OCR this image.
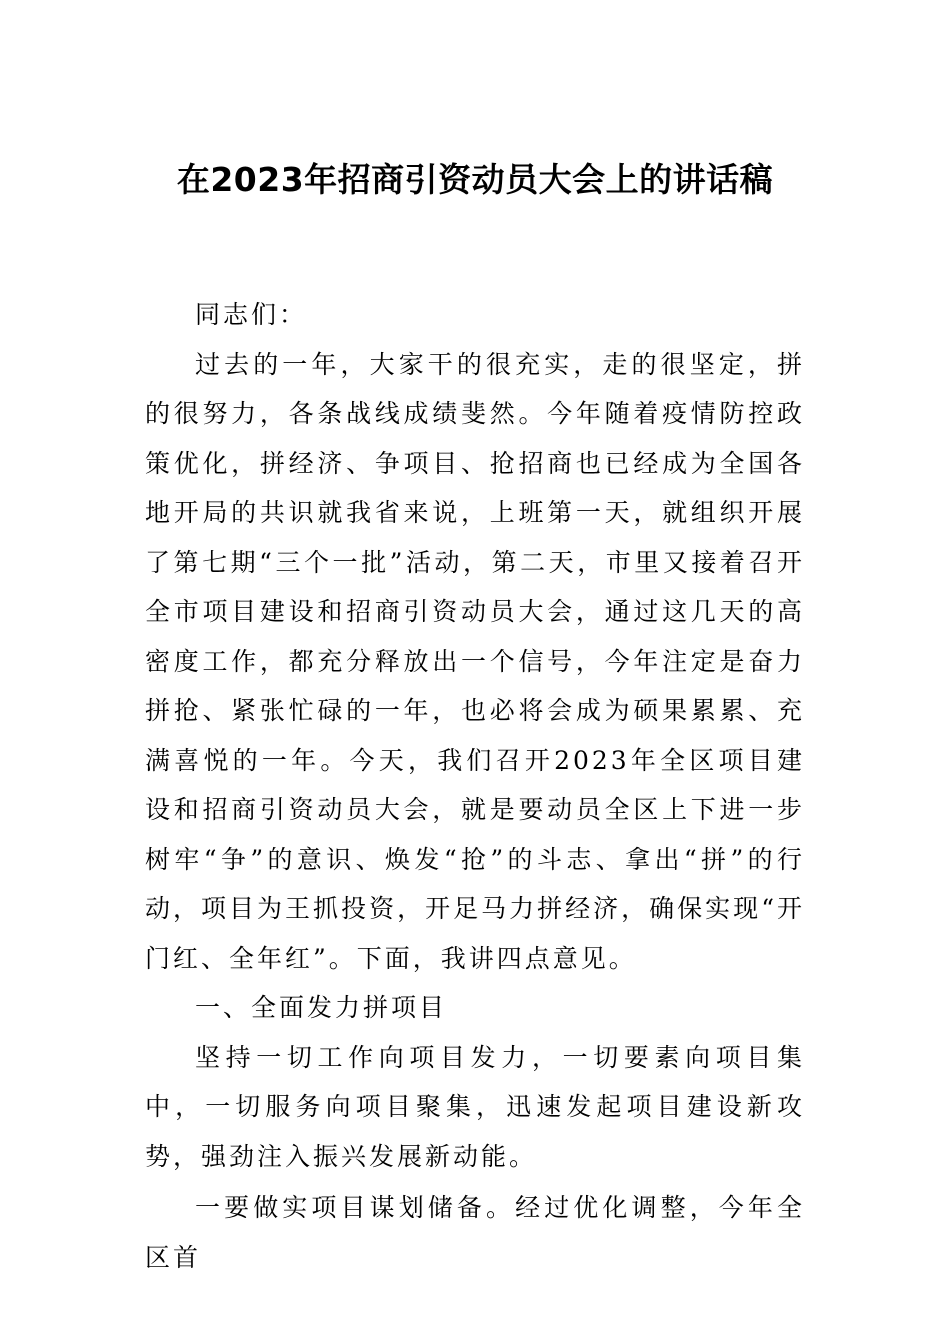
在2023年招商引资动员大会上的讲话稿

同志们：

过去的一年，大家干的很充实，走的很坚定，拼的很努力，各条战线成绩斐然。今年随着疫情防控政策优化，拼经济、争项目、抢招商也已经成为全国各地开局的共识就我省来说，上班第一天，就组织开展了第七期“三个一批”活动，第二天，市里又接着召开全市项目建设和招商引资动员大会，通过这几天的高密度工作，都充分释放出一个信号，今年注定是奋力拼抢、紧张忙碌的一年，也必将会成为硕果累累、充满喜悦的一年。今天，我们召开2023年全区项目建设和招商引资动员大会，就是要动员全区上下进一步树牢“争”的意识、焕发“抢”的斗志、拿出“拼”的行动，项目为王抓投资，开足马力拼经济，确保实现“开门红、全年红”。下面，我讲四点意见。

一、全面发力拼项目

坚持一切工作向项目发力，一切要素向项目集中，一切服务向项目聚集，迅速发起项目建设新攻势，强劲注入振兴发展新动能。

一要做实项目谋划储备。经过优化调整，今年全区首
